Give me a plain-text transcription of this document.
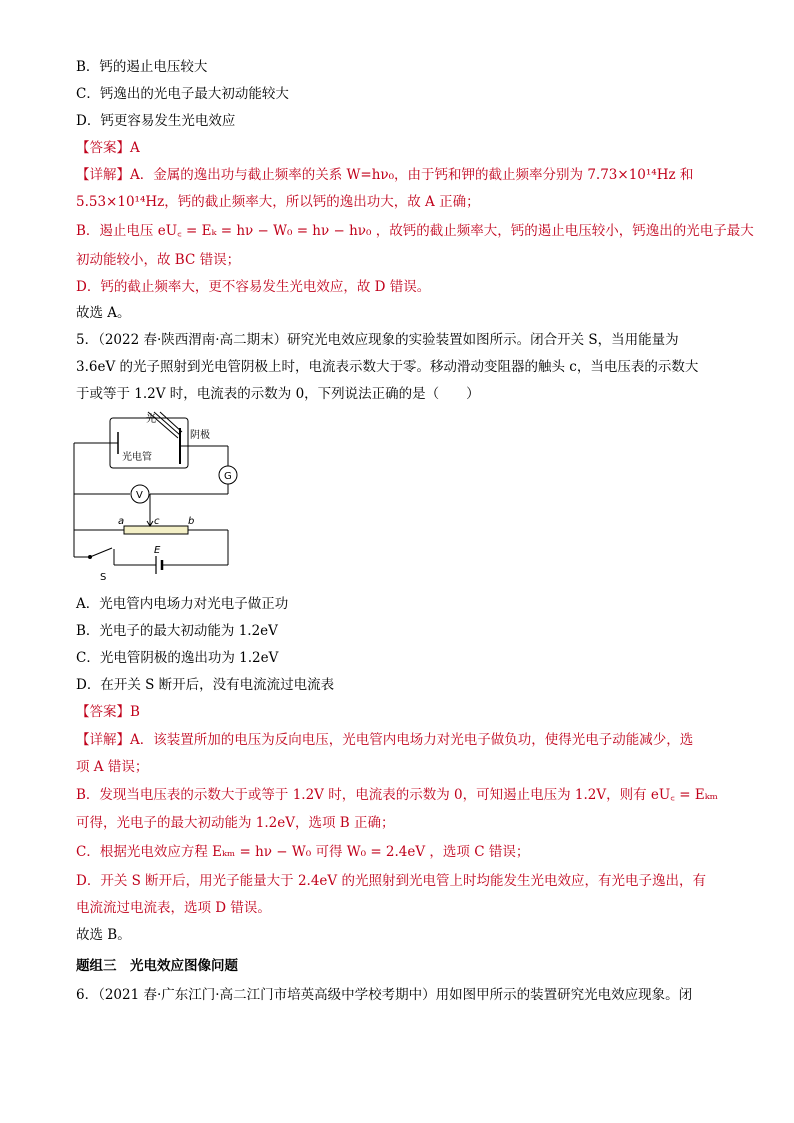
B．钙的遏止电压较大
C．钙逸出的光电子最大初动能较大
D．钙更容易发生光电效应
【答案】A
【详解】A．金属的逸出功与截止频率的关系 W=hν₀，由于钙和钾的截止频率分别为 7.73×10¹⁴Hz 和
5.53×10¹⁴Hz，钙的截止频率大，所以钙的逸出功大，故 A 正确；
B．遏止电压 eU꜀ = Eₖ = hν − W₀ = hν − hν₀ ，故钙的截止频率大，钙的遏止电压较小，钙逸出的光电子最大
初动能较小，故 BC 错误；
D．钙的截止频率大，更不容易发生光电效应，故 D 错误。
故选 A。
5．（2022 春·陕西渭南·高二期末）研究光电效应现象的实验装置如图所示。闭合开关 S，当用能量为
3.6eV 的光子照射到光电管阴极上时，电流表示数大于零。移动滑动变阻器的触头 c，当电压表的示数大
于或等于 1.2V 时，电流表的示数为 0，下列说法正确的是（　　）
光
阴极
光电管
G
V
a	c	b
E
S
A．光电管内电场力对光电子做正功
B．光电子的最大初动能为 1.2eV
C．光电管阴极的逸出功为 1.2eV
D．在开关 S 断开后，没有电流流过电流表
【答案】B
【详解】A．该装置所加的电压为反向电压，光电管内电场力对光电子做负功，使得光电子动能减少，选
项 A 错误；
B．发现当电压表的示数大于或等于 1.2V 时，电流表的示数为 0，可知遏止电压为 1.2V，则有 eU꜀ = Eₖₘ
可得，光电子的最大初动能为 1.2eV，选项 B 正确；
C．根据光电效应方程 Eₖₘ = hν − W₀ 可得 W₀ = 2.4eV ，选项 C 错误；
D．开关 S 断开后，用光子能量大于 2.4eV 的光照射到光电管上时均能发生光电效应，有光电子逸出，有
电流流过电流表，选项 D 错误。
故选 B。
题组三　光电效应图像问题
6．（2021 春·广东江门·高二江门市培英高级中学校考期中）用如图甲所示的装置研究光电效应现象。闭
